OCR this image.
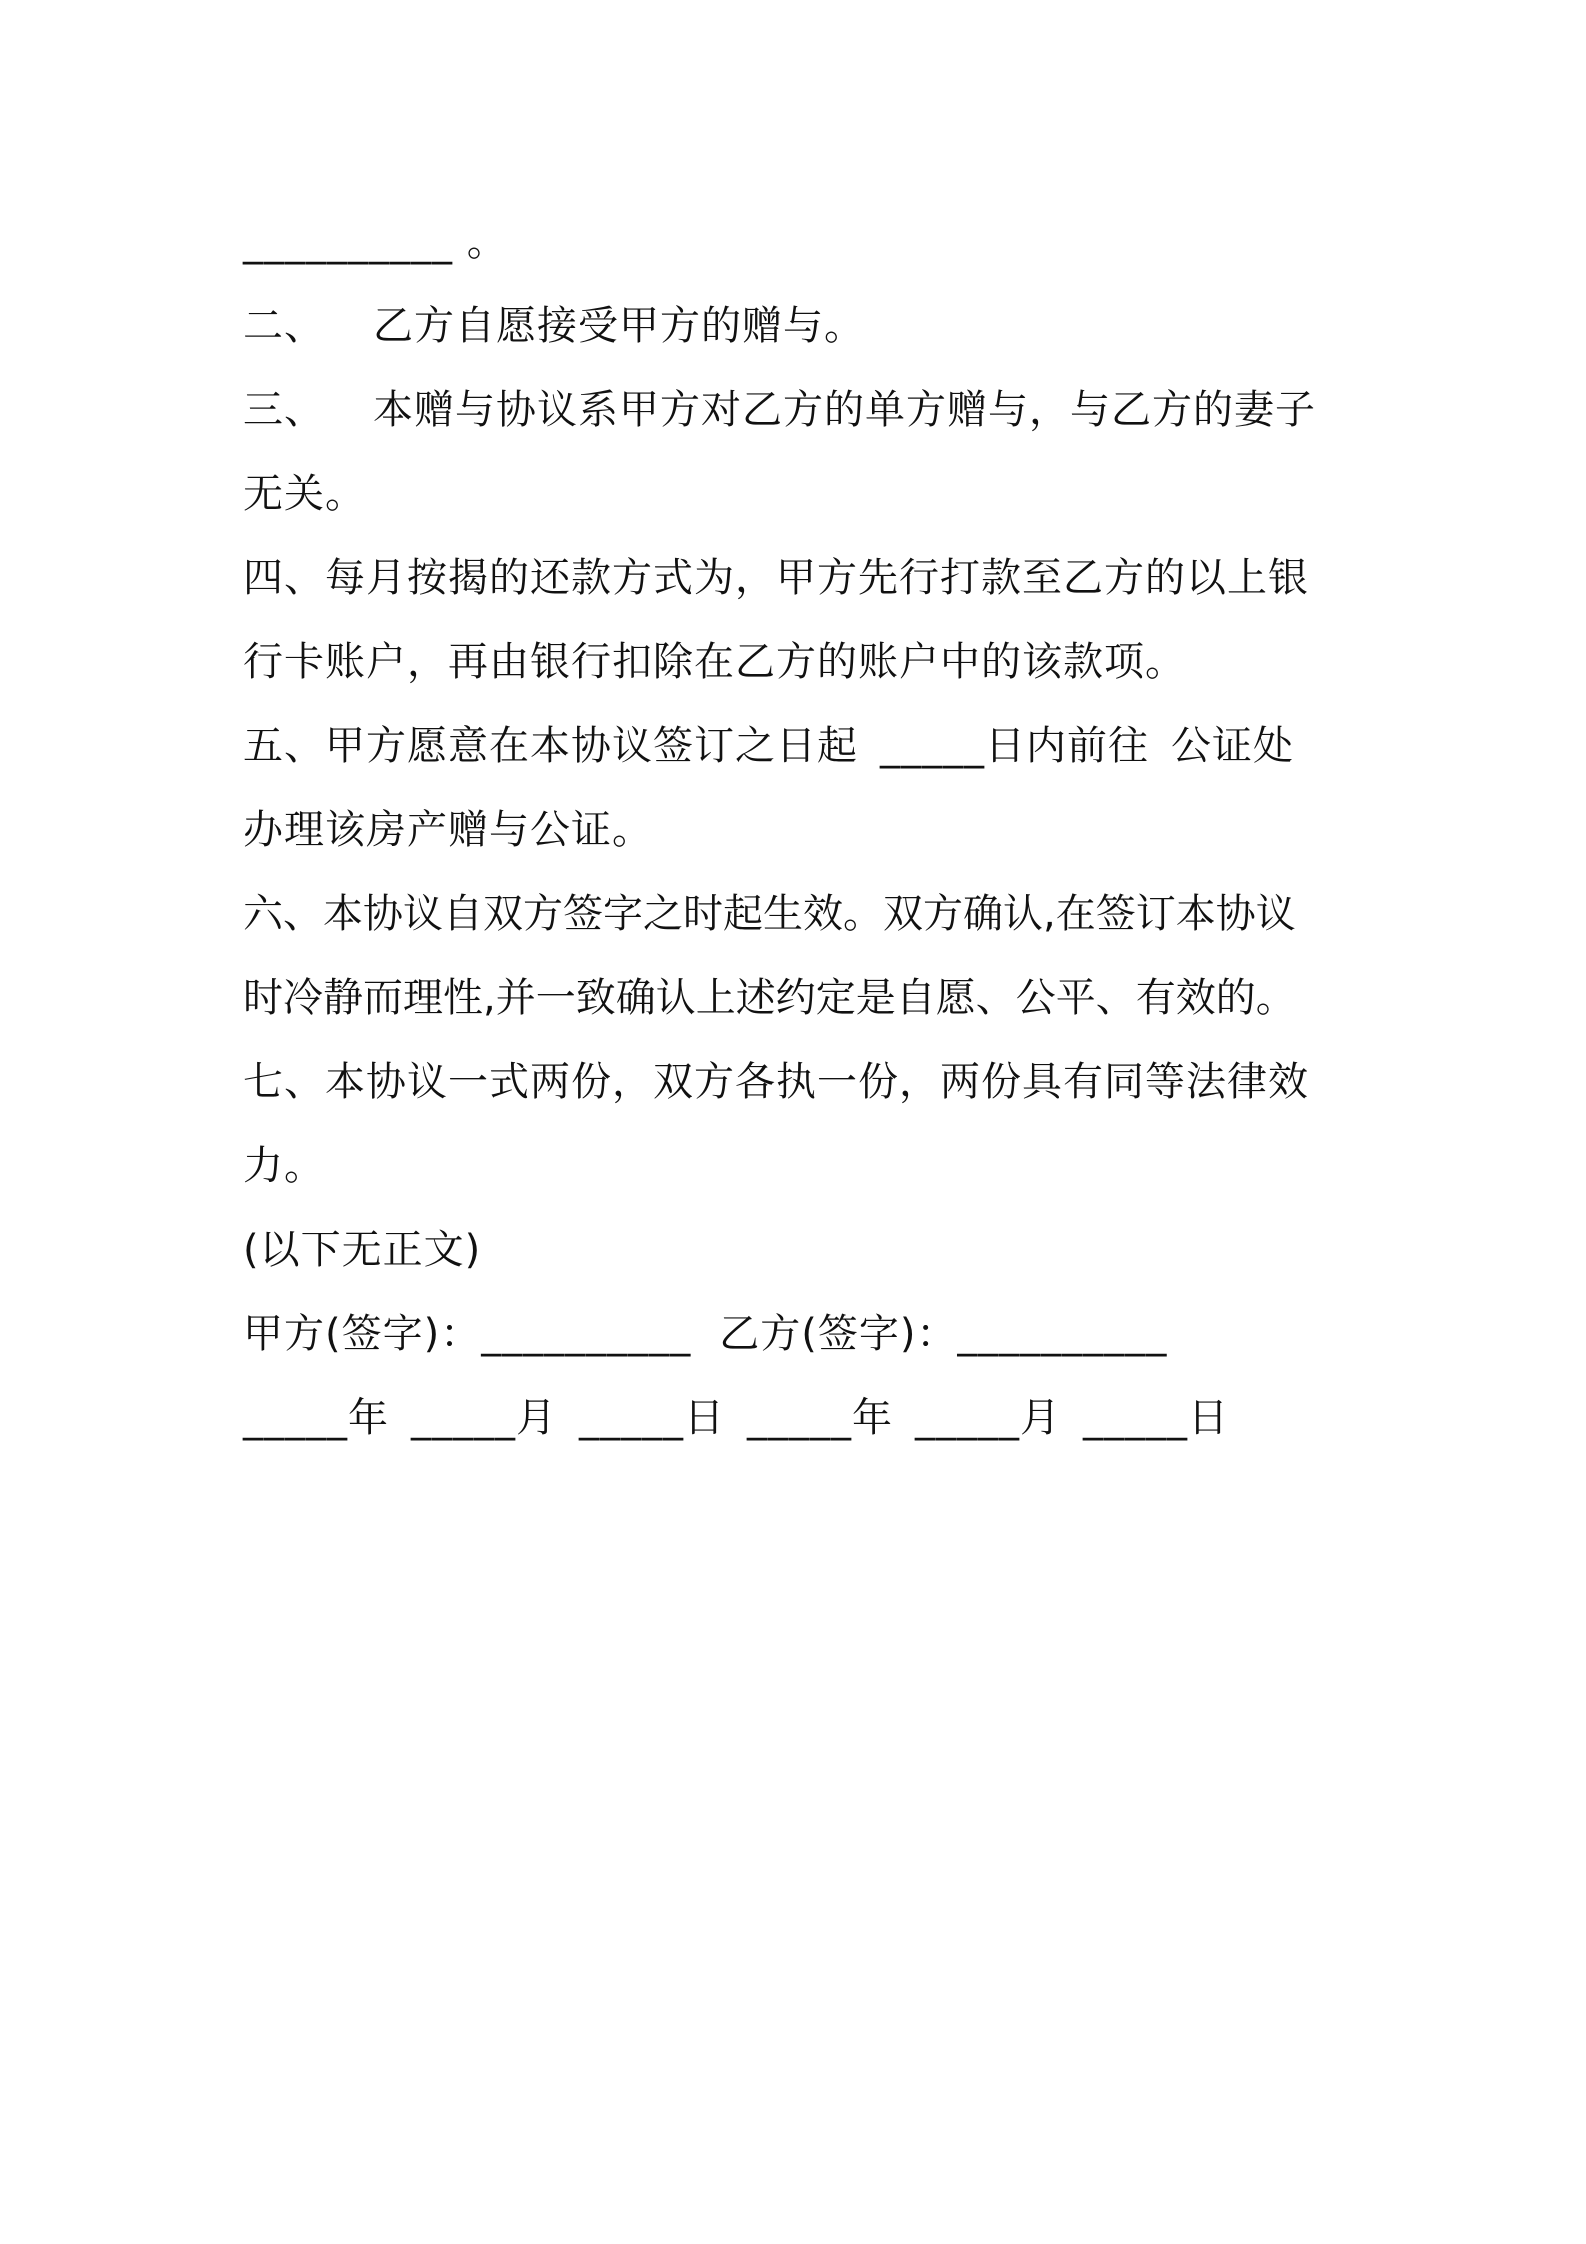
__________ 。
二、 乙方自愿接受甲方的赠与。
三、 本赠与协议系甲方对乙方的单方赠与，与乙方的妻子
无关。
四、每月按揭的还款方式为，甲方先行打款至乙方的以上银
行卡账户，再由银行扣除在乙方的账户中的该款项。
五、甲方愿意在本协议签订之日起 _____日内前往 公证处
办理该房产赠与公证。
六、本协议自双方签字之时起生效。双方确认,在签订本协议
时冷静而理性,并一致确认上述约定是自愿、公平、有效的。
七、本协议一式两份，双方各执一份，两份具有同等法律效
力。
(以下无正文)
甲方(签字)：__________ 乙方(签字)：__________
_____年 _____月 _____日 _____年 _____月 _____日
